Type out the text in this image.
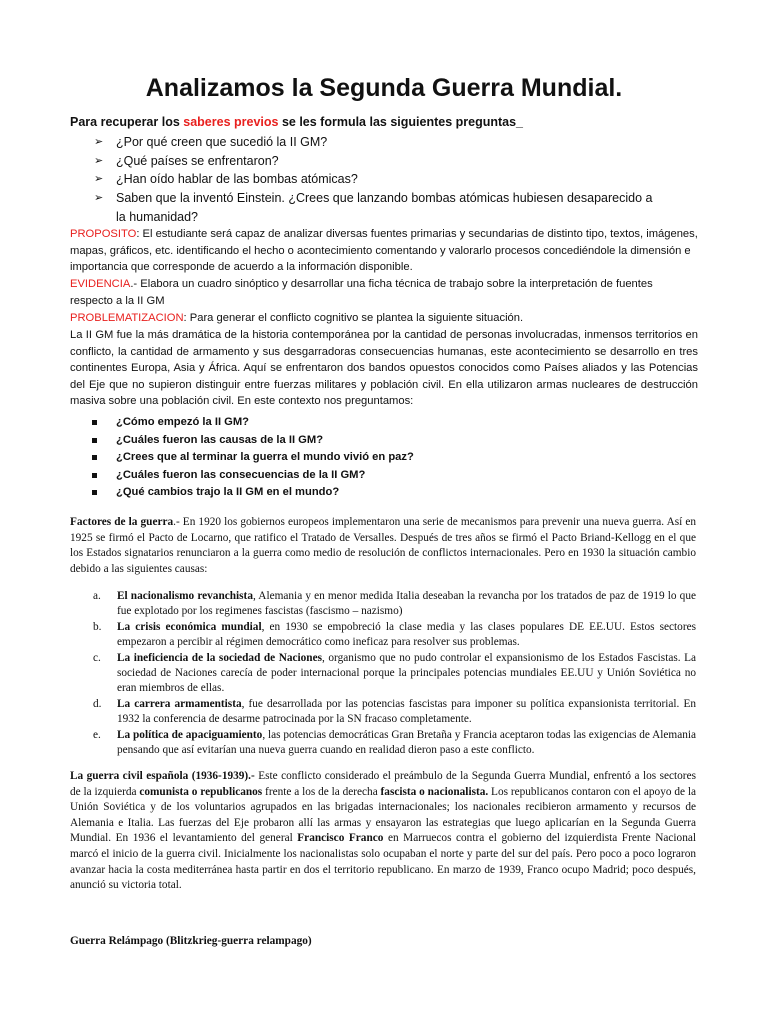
Analizamos la Segunda Guerra Mundial.
Para recuperar los saberes previos se les formula las siguientes preguntas_
➢ ¿Por qué creen que sucedió la II GM?
➢ ¿Qué países se enfrentaron?
➢ ¿Han oído hablar de las bombas atómicas?
➢ Saben que la inventó Einstein. ¿Crees que lanzando bombas atómicas hubiesen desaparecido a la humanidad?
PROPOSITO: El estudiante será capaz de analizar diversas fuentes primarias y secundarias de distinto tipo, textos, imágenes, mapas, gráficos, etc. identificando el hecho o acontecimiento comentando y valorarlo procesos concediéndole la dimensión e importancia que corresponde de acuerdo a la información disponible.
EVIDENCIA.- Elabora un cuadro sinóptico y desarrollar una ficha técnica de trabajo sobre la interpretación de fuentes respecto a la II GM
PROBLEMATIZACION: Para generar el conflicto cognitivo se plantea la siguiente situación.
La II GM fue la más dramática de la historia contemporánea por la cantidad de personas involucradas, inmensos territorios en conflicto, la cantidad de armamento y sus desgarradoras consecuencias humanas, este acontecimiento se desarrollo en tres continentes Europa, Asia y África. Aquí se enfrentaron dos bandos opuestos conocidos como Países aliados y las Potencias del Eje que no supieron distinguir entre fuerzas militares y población civil. En ella utilizaron armas nucleares de destrucción masiva sobre una población civil. En este contexto nos preguntamos:
¿Cómo empezó la II GM?
¿Cuáles fueron las causas de la II GM?
¿Crees que al terminar la guerra el mundo vivió en paz?
¿Cuáles fueron las consecuencias de la II GM?
¿Qué cambios trajo la II GM en el mundo?
Factores de la guerra.- En 1920 los gobiernos europeos implementaron una serie de mecanismos para prevenir una nueva guerra. Así en 1925 se firmó el Pacto de Locarno, que ratifico el Tratado de Versalles. Después de tres años se firmó el Pacto Briand-Kellogg en el que los Estados signatarios renunciaron a la guerra como medio de resolución de conflictos internacionales. Pero en 1930 la situación cambio debido a las siguientes causas:
a. El nacionalismo revanchista, Alemania y en menor medida Italia deseaban la revancha por los tratados de paz de 1919 lo que fue explotado por los regimenes fascistas (fascismo – nazismo)
b. La crisis económica mundial, en 1930 se empobreció la clase media y las clases populares DE EE.UU. Estos sectores empezaron a percibir al régimen democrático como ineficaz para resolver sus problemas.
c. La ineficiencia de la sociedad de Naciones, organismo que no pudo controlar el expansionismo de los Estados Fascistas. La sociedad de Naciones carecía de poder internacional porque la principales potencias mundiales EE.UU y Unión Soviética no eran miembros de ellas.
d. La carrera armamentista, fue desarrollada por las potencias fascistas para imponer su política expansionista territorial. En 1932 la conferencia de desarme patrocinada por la SN fracaso completamente.
e. La política de apaciguamiento, las potencias democráticas Gran Bretaña y Francia aceptaron todas las exigencias de Alemania pensando que así evitarían una nueva guerra cuando en realidad dieron paso a este conflicto.
La guerra civil española (1936-1939).- Este conflicto considerado el preámbulo de la Segunda Guerra Mundial, enfrentó a los sectores de la izquierda comunista o republicanos frente a los de la derecha fascista o nacionalista. Los republicanos contaron con el apoyo de la Unión Soviética y de los voluntarios agrupados en las brigadas internacionales; los nacionales recibieron armamento y recursos de Alemania e Italia. Las fuerzas del Eje probaron allí las armas y ensayaron las estrategias que luego aplicarían en la Segunda Guerra Mundial. En 1936 el levantamiento del general Francisco Franco en Marruecos contra el gobierno del izquierdista Frente Nacional marcó el inicio de la guerra civil. Inicialmente los nacionalistas solo ocupaban el norte y parte del sur del país. Pero poco a poco lograron avanzar hacia la costa mediterránea hasta partir en dos el territorio republicano. En marzo de 1939, Franco ocupo Madrid; poco después, anunció su victoria total.
Guerra Relámpago (Blitzkrieg-guerra relampago)
